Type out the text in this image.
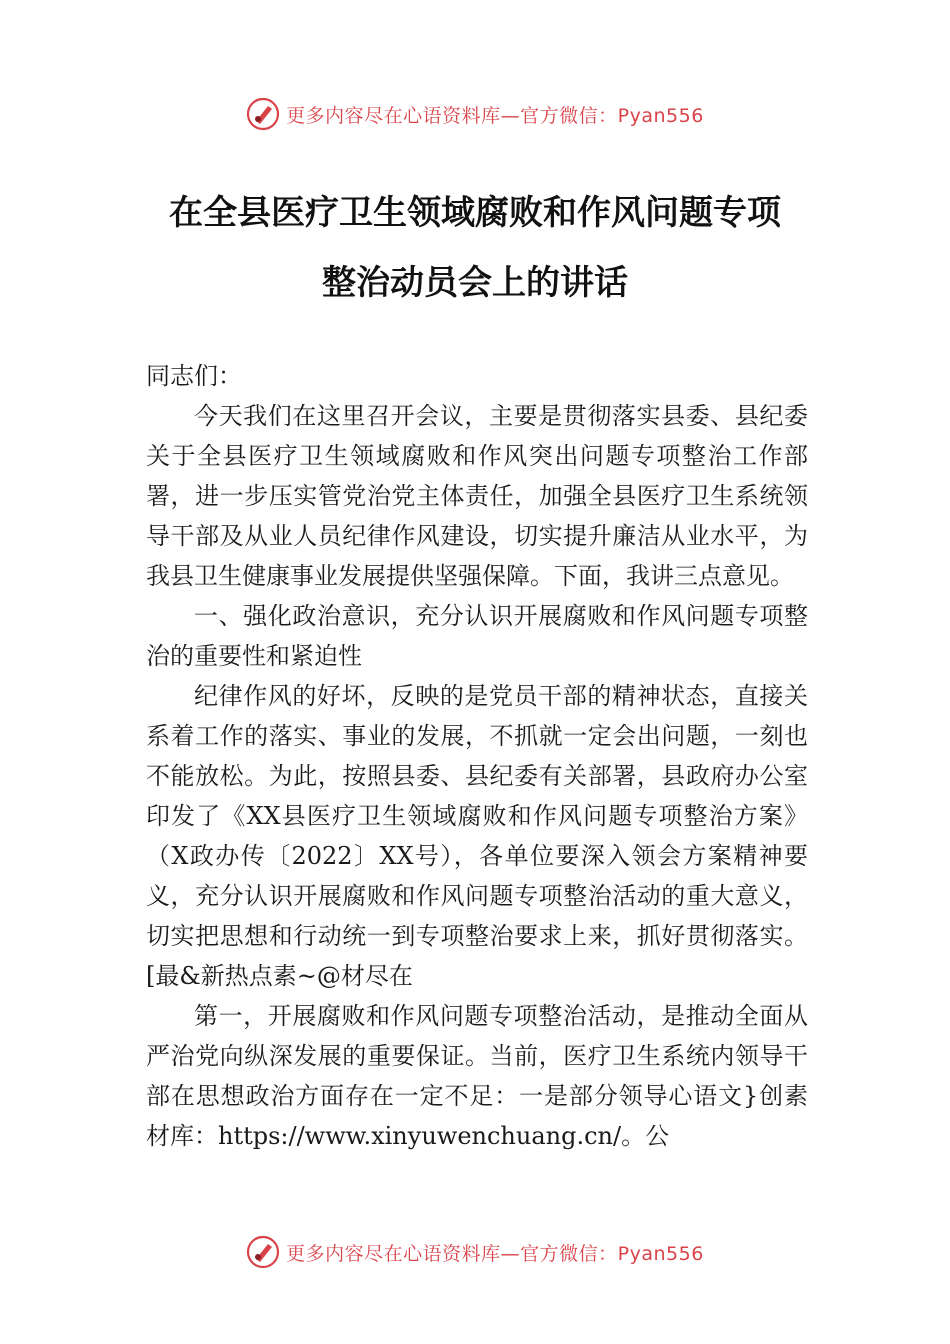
更多内容尽在心语资料库—官方微信：Pyan556
在全县医疗卫生领域腐败和作风问题专项
整治动员会上的讲话

同志们：

今天我们在这里召开会议，主要是贯彻落实县委、县纪委关于全县医疗卫生领域腐败和作风突出问题专项整治工作部署，进一步压实管党治党主体责任，加强全县医疗卫生系统领导干部及从业人员纪律作风建设，切实提升廉洁从业水平，为我县卫生健康事业发展提供坚强保障。下面，我讲三点意见。

一、强化政治意识，充分认识开展腐败和作风问题专项整治的重要性和紧迫性

纪律作风的好坏，反映的是党员干部的精神状态，直接关系着工作的落实、事业的发展，不抓就一定会出问题，一刻也不能放松。为此，按照县委、县纪委有关部署，县政府办公室印发了《XX县医疗卫生领域腐败和作风问题专项整治方案》（X政办传〔2022〕XX号），各单位要深入领会方案精神要义，充分认识开展腐败和作风问题专项整治活动的重大意义，切实把思想和行动统一到专项整治要求上来，抓好贯彻落实。[最&新热点素~@材尽在

第一，开展腐败和作风问题专项整治活动，是推动全面从严治党向纵深发展的重要保证。当前，医疗卫生系统内领导干部在思想政治方面存在一定不足：一是部分领导心语文}创素材库：https://www.xinyuwenchuang.cn/。公

更多内容尽在心语资料库—官方微信：Pyan556
